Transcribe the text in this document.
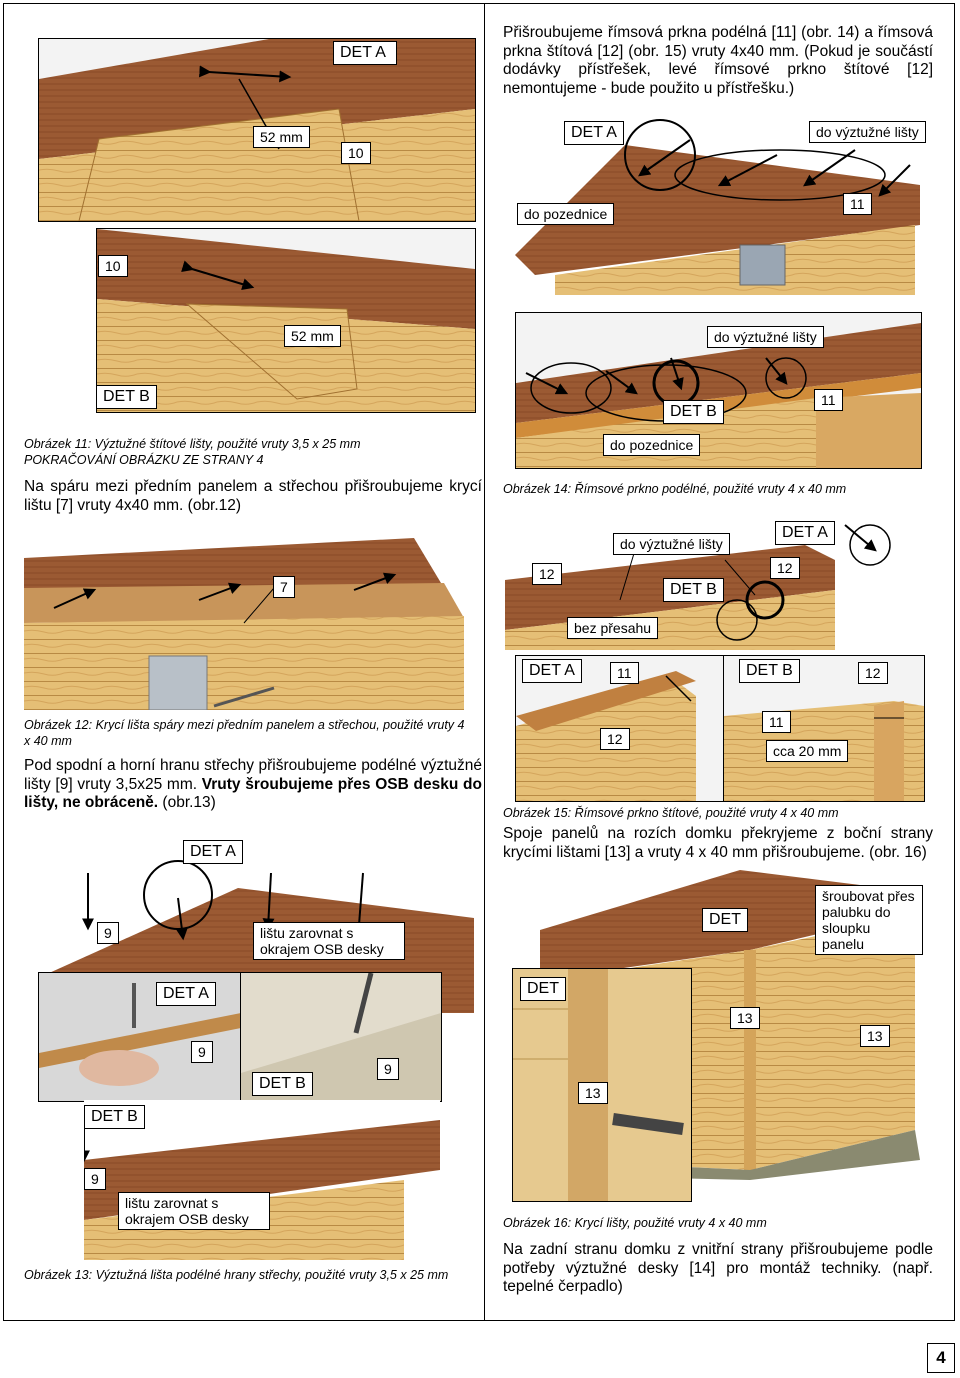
DET A
52 mm
10
10
52 mm
DET B
Obrázek 11: Výztužné štítové lišty, použité vruty 3,5 x 25 mm
POKRAČOVÁNÍ OBRÁZKU ZE STRANY 4
Na spáru mezi předním panelem a střechou přišroubujeme krycí lištu [7] vruty 4x40 mm. (obr.12)
7
Obrázek 12: Krycí lišta spáry mezi předním panelem a střechou, použité vruty 4 x 40 mm
Pod spodní a horní hranu střechy přišroubujeme podélné výztužné lišty [9] vruty 3,5x25 mm. Vruty šroubujeme přes OSB desku do lišty, ne obráceně. (obr.13)
DET A
9	lištu zarovnat s okrajem OSB desky
DET A
9
DET B
9
DET B
9
lištu zarovnat s okrajem OSB desky
Obrázek 13: Výztužná lišta podélné hrany střechy, použité vruty 3,5 x 25 mm
Přišroubujeme římsová prkna podélná [11] (obr. 14) a římsová prkna štítová [12] (obr. 15) vruty 4x40 mm. (Pokud je součástí dodávky přístřešek, levé římsové prkno štítové [12] nemontujeme - bude použito u přístřešku.)
DET A	do výztužné lišty
do pozednice
11
do výztužné lišty
DET B
11
do pozednice
Obrázek 14: Římsové prkno podélné, použité vruty 4 x 40 mm
do výztužné lišty
DET A
12	12
DET B
bez přesahu
DET A	11
12
DET B	12
11
cca 20 mm
Obrázek 15: Římsové prkno štítové, použité vruty 4 x 40 mm
Spoje panelů na rozích domku překryjeme z boční strany krycími lištami [13] a vruty 4 x 40 mm přišroubujeme. (obr. 16)
DET
šroubovat přes palubku do sloupku panelu
13
13
DET
13
Obrázek 16: Krycí lišty, použité vruty 4 x 40 mm
Na zadní stranu domku z vnitřní strany přišroubujeme podle potřeby výztužné desky [14] pro montáž techniky. (např. tepelné čerpadlo)
4
